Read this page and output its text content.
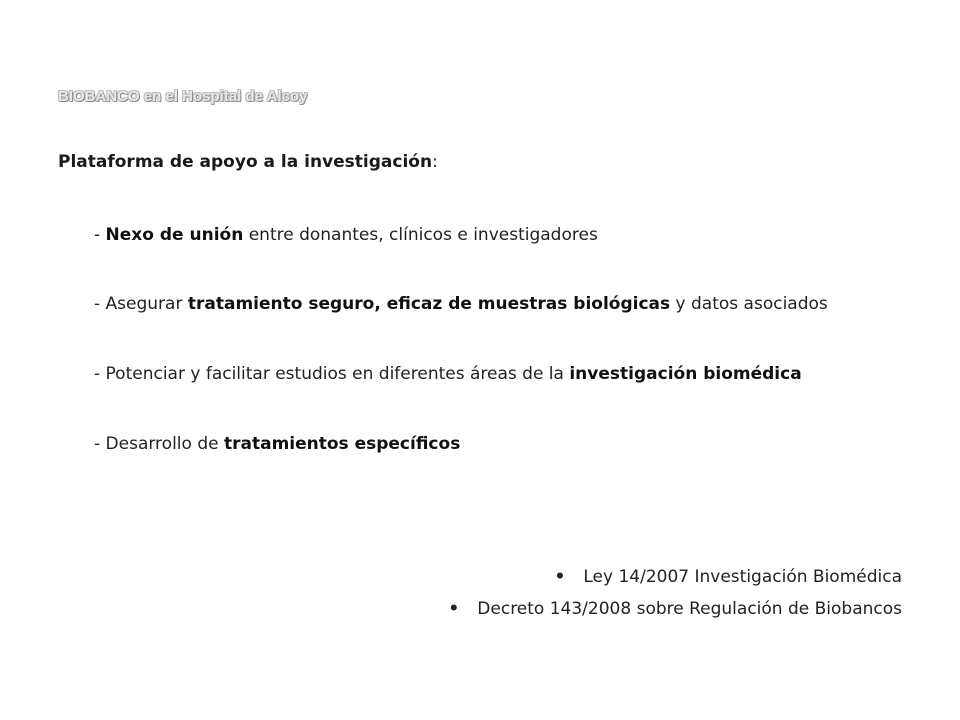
BIOBANCO en el Hospital de Alcoy
Plataforma de apoyo a la investigación:
- Nexo de unión entre donantes, clínicos e investigadores
- Asegurar tratamiento seguro, eficaz de muestras biológicas y datos asociados
- Potenciar y facilitar estudios en diferentes áreas de la investigación biomédica
- Desarrollo de tratamientos específicos
• Ley 14/2007 Investigación Biomédica
• Decreto 143/2008 sobre Regulación de Biobancos
